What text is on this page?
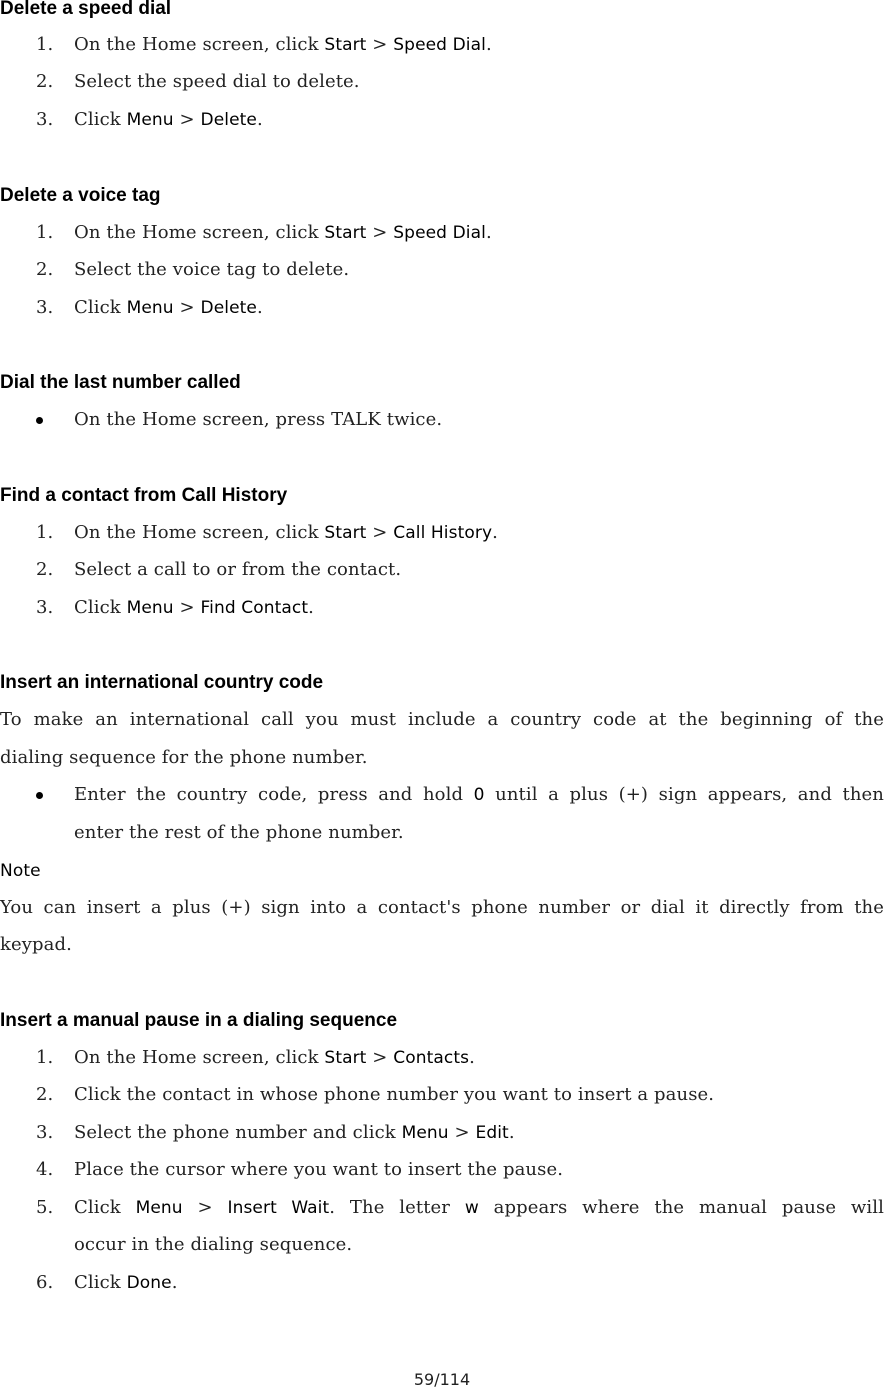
Delete a speed dial
1. On the Home screen, click Start > Speed Dial.
2. Select the speed dial to delete.
3. Click Menu > Delete.
Delete a voice tag
1. On the Home screen, click Start > Speed Dial.
2. Select the voice tag to delete.
3. Click Menu > Delete.
Dial the last number called
On the Home screen, press TALK twice.
Find a contact from Call History
1. On the Home screen, click Start > Call History.
2. Select a call to or from the contact.
3. Click Menu > Find Contact.
Insert an international country code
To make an international call you must include a country code at the beginning of the
dialing sequence for the phone number.
Enter the country code, press and hold 0 until a plus (+) sign appears, and then
enter the rest of the phone number.
Note
You can insert a plus (+) sign into a contact's phone number or dial it directly from the
keypad.
Insert a manual pause in a dialing sequence
1. On the Home screen, click Start > Contacts.
2. Click the contact in whose phone number you want to insert a pause.
3. Select the phone number and click Menu > Edit.
4. Place the cursor where you want to insert the pause.
5. Click Menu > Insert Wait. The letter w appears where the manual pause will
occur in the dialing sequence.
6. Click Done.
59/114
